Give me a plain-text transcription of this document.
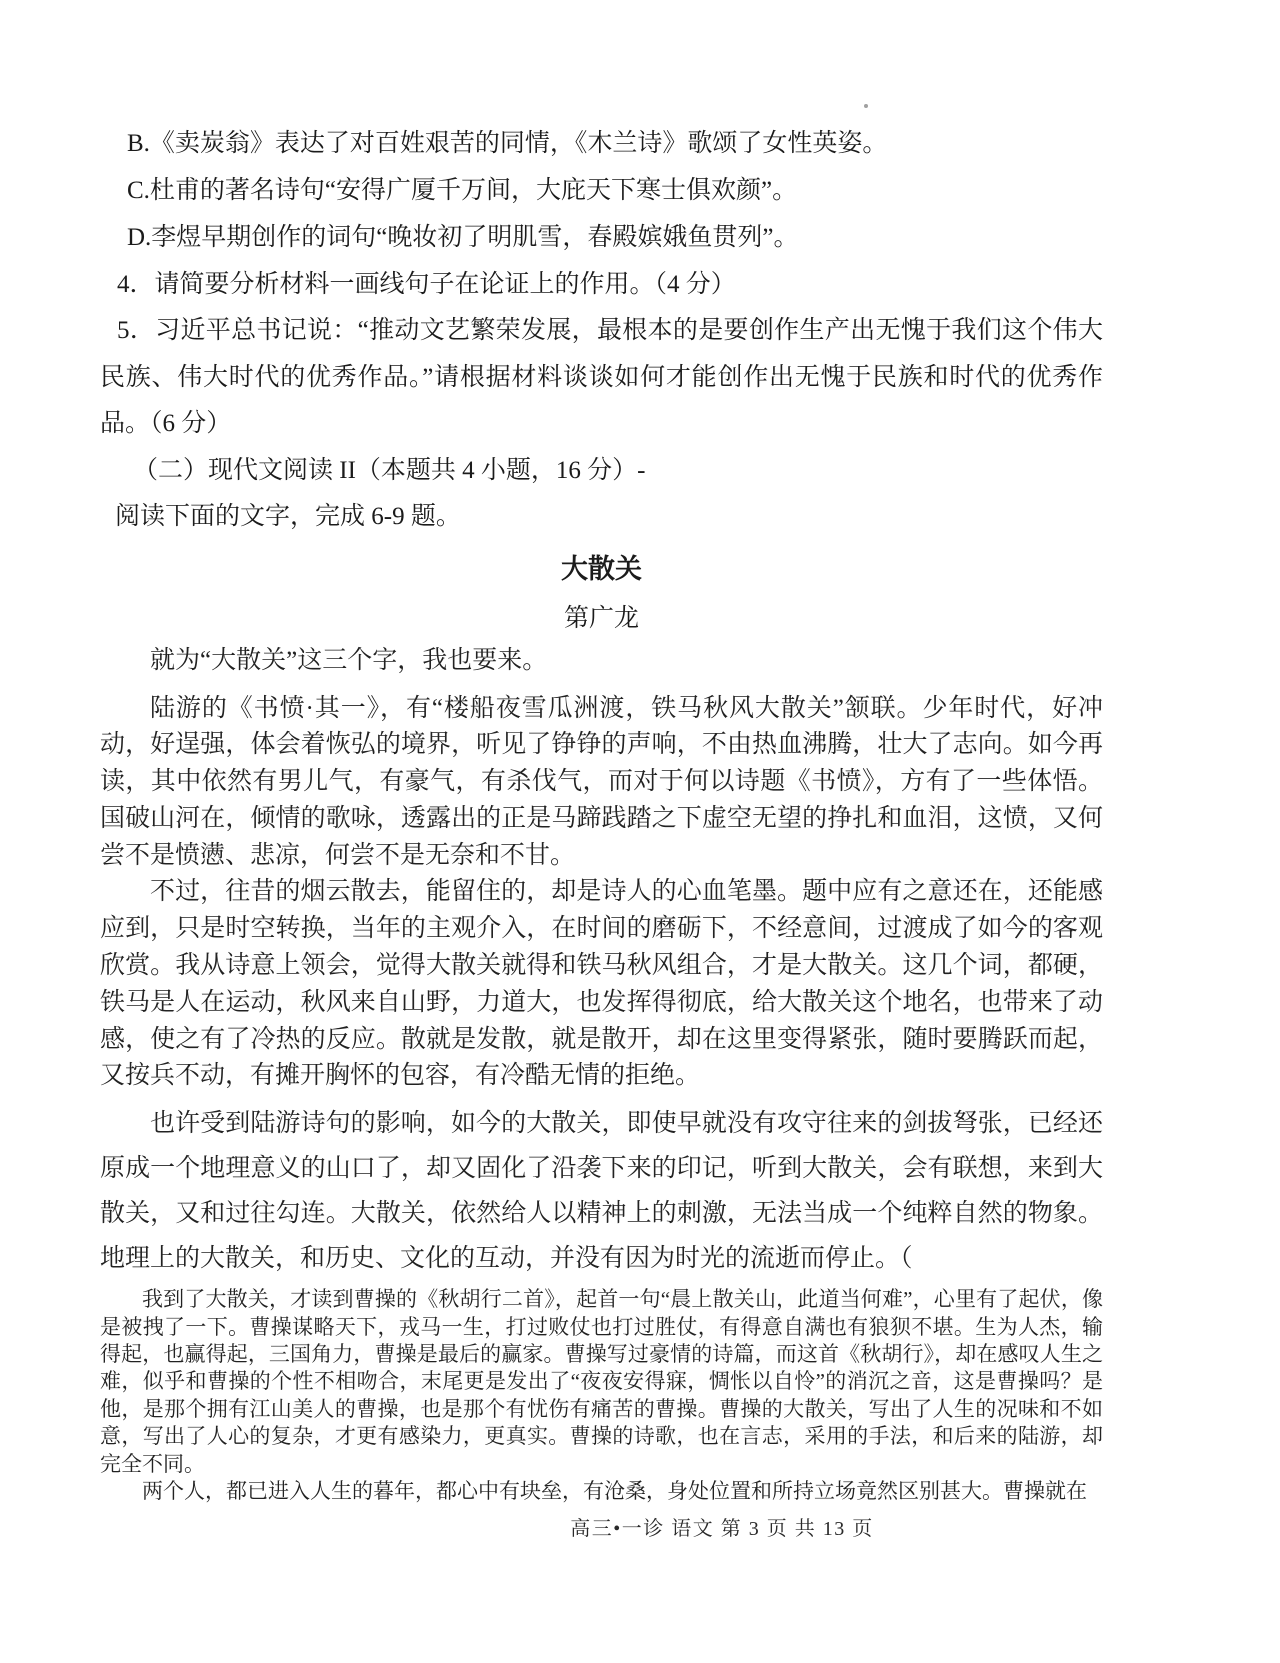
B.《卖炭翁》表达了对百姓艰苦的同情，《木兰诗》歌颂了女性英姿。
C.杜甫的著名诗句“安得广厦千万间，大庇天下寒士俱欢颜”。
D.李煜早期创作的词句“晚妆初了明肌雪，春殿嫔娥鱼贯列”。
4．请简要分析材料一画线句子在论证上的作用。（4 分）
5．习近平总书记说：“推动文艺繁荣发展，最根本的是要创作生产出无愧于我们这个伟大民族、伟大时代的优秀作品。”请根据材料谈谈如何才能创作出无愧于民族和时代的优秀作品。（6 分）
（二）现代文阅读 II（本题共 4 小题，16 分）-
阅读下面的文字，完成 6-9 题。
大散关
第广龙

就为“大散关”这三个字，我也要来。

陆游的《书愤·其一》，有“楼船夜雪瓜洲渡，铁马秋风大散关”颔联。少年时代，好冲动，好逞强，体会着恢弘的境界，听见了铮铮的声响，不由热血沸腾，壮大了志向。如今再读，其中依然有男儿气，有豪气，有杀伐气，而对于何以诗题《书愤》，方有了一些体悟。国破山河在，倾情的歌咏，透露出的正是马蹄践踏之下虚空无望的挣扎和血泪，这愤，又何尝不是愤懑、悲凉，何尝不是无奈和不甘。

不过，往昔的烟云散去，能留住的，却是诗人的心血笔墨。题中应有之意还在，还能感应到，只是时空转换，当年的主观介入，在时间的磨砺下，不经意间，过渡成了如今的客观欣赏。我从诗意上领会，觉得大散关就得和铁马秋风组合，才是大散关。这几个词，都硬，铁马是人在运动，秋风来自山野，力道大，也发挥得彻底，给大散关这个地名，也带来了动感，使之有了冷热的反应。散就是发散，就是散开，却在这里变得紧张，随时要腾跃而起，又按兵不动，有摊开胸怀的包容，有冷酷无情的拒绝。

也许受到陆游诗句的影响，如今的大散关，即使早就没有攻守往来的剑拔弩张，已经还原成一个地理意义的山口了，却又固化了沿袭下来的印记，听到大散关，会有联想，来到大散关，又和过往勾连。大散关，依然给人以精神上的刺激，无法当成一个纯粹自然的物象。地理上的大散关，和历史、文化的互动，并没有因为时光的流逝而停止。（

我到了大散关，才读到曹操的《秋胡行二首》，起首一句“晨上散关山，此道当何难”，心里有了起伏，像是被拽了一下。曹操谋略天下，戎马一生，打过败仗也打过胜仗，有得意自满也有狼狈不堪。生为人杰，输得起，也赢得起，三国角力，曹操是最后的赢家。曹操写过豪情的诗篇，而这首《秋胡行》，却在感叹人生之难，似乎和曹操的个性不相吻合，末尾更是发出了“夜夜安得寐，惆怅以自怜”的消沉之音，这是曹操吗？是他，是那个拥有江山美人的曹操，也是那个有忧伤有痛苦的曹操。曹操的大散关，写出了人生的况味和不如意，写出了人心的复杂，才更有感染力，更真实。曹操的诗歌，也在言志，采用的手法，和后来的陆游，却完全不同。

两个人，都已进入人生的暮年，都心中有块垒，有沧桑，身处位置和所持立场竟然区别甚大。曹操就在

高三•一诊 语文 第 3 页 共 13 页
